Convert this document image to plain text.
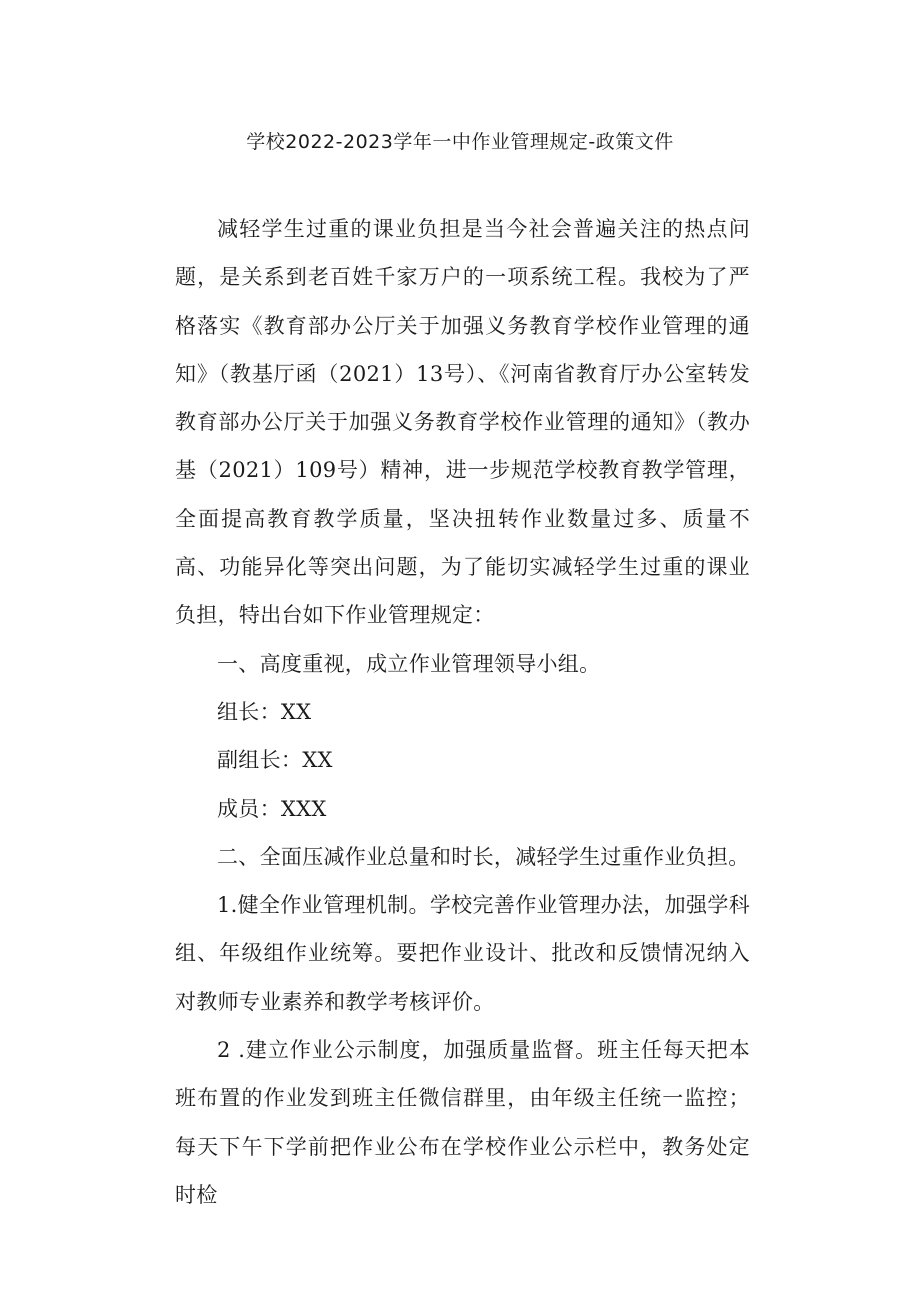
学校2022-2023学年一中作业管理规定-政策文件

减轻学生过重的课业负担是当今社会普遍关注的热点问题，是关系到老百姓千家万户的一项系统工程。我校为了严格落实《教育部办公厅关于加强义务教育学校作业管理的通知》（教基厅函（2021）13号）、《河南省教育厅办公室转发教育部办公厅关于加强义务教育学校作业管理的通知》（教办基（2021）109号）精神，进一步规范学校教育教学管理，全面提高教育教学质量，坚决扭转作业数量过多、质量不高、功能异化等突出问题，为了能切实减轻学生过重的课业负担，特出台如下作业管理规定：

一、高度重视，成立作业管理领导小组。

组长：XX

副组长：XX

成员：XXX

二、全面压减作业总量和时长，减轻学生过重作业负担。

1.健全作业管理机制。学校完善作业管理办法，加强学科组、年级组作业统筹。要把作业设计、批改和反馈情况纳入对教师专业素养和教学考核评价。

2 .建立作业公示制度，加强质量监督。班主任每天把本班布置的作业发到班主任微信群里，由年级主任统一监控；每天下午下学前把作业公布在学校作业公示栏中，教务处定时检
